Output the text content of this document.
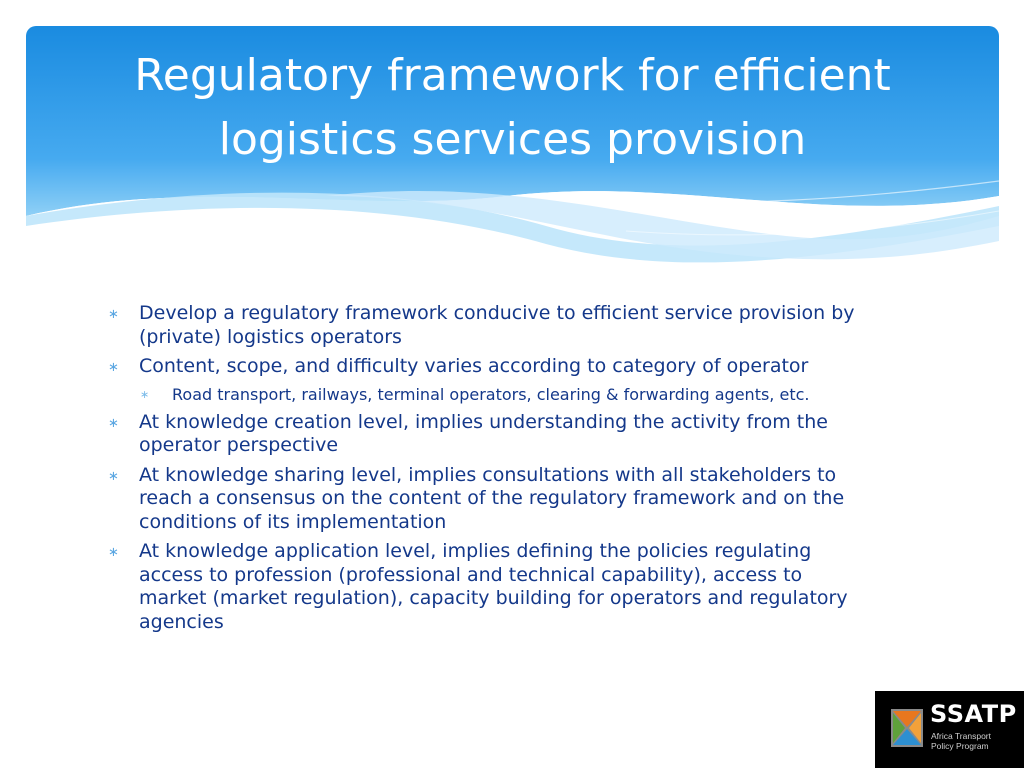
Regulatory framework for efficient
logistics services provision
∗ Develop a regulatory framework conducive to efficient service provision by
(private) logistics operators
∗ Content, scope, and difficulty varies according to category of operator
∗ Road transport, railways, terminal operators, clearing & forwarding agents, etc.
∗ At knowledge creation level, implies understanding the activity from the
operator perspective
∗ At knowledge sharing level, implies consultations with all stakeholders to
reach a consensus on the content of the regulatory framework and on the
conditions of its implementation
∗ At knowledge application level, implies defining the policies regulating
access to profession (professional and technical capability), access to
market (market regulation), capacity building for operators and regulatory
agencies
SSATP
Africa Transport
Policy Program
